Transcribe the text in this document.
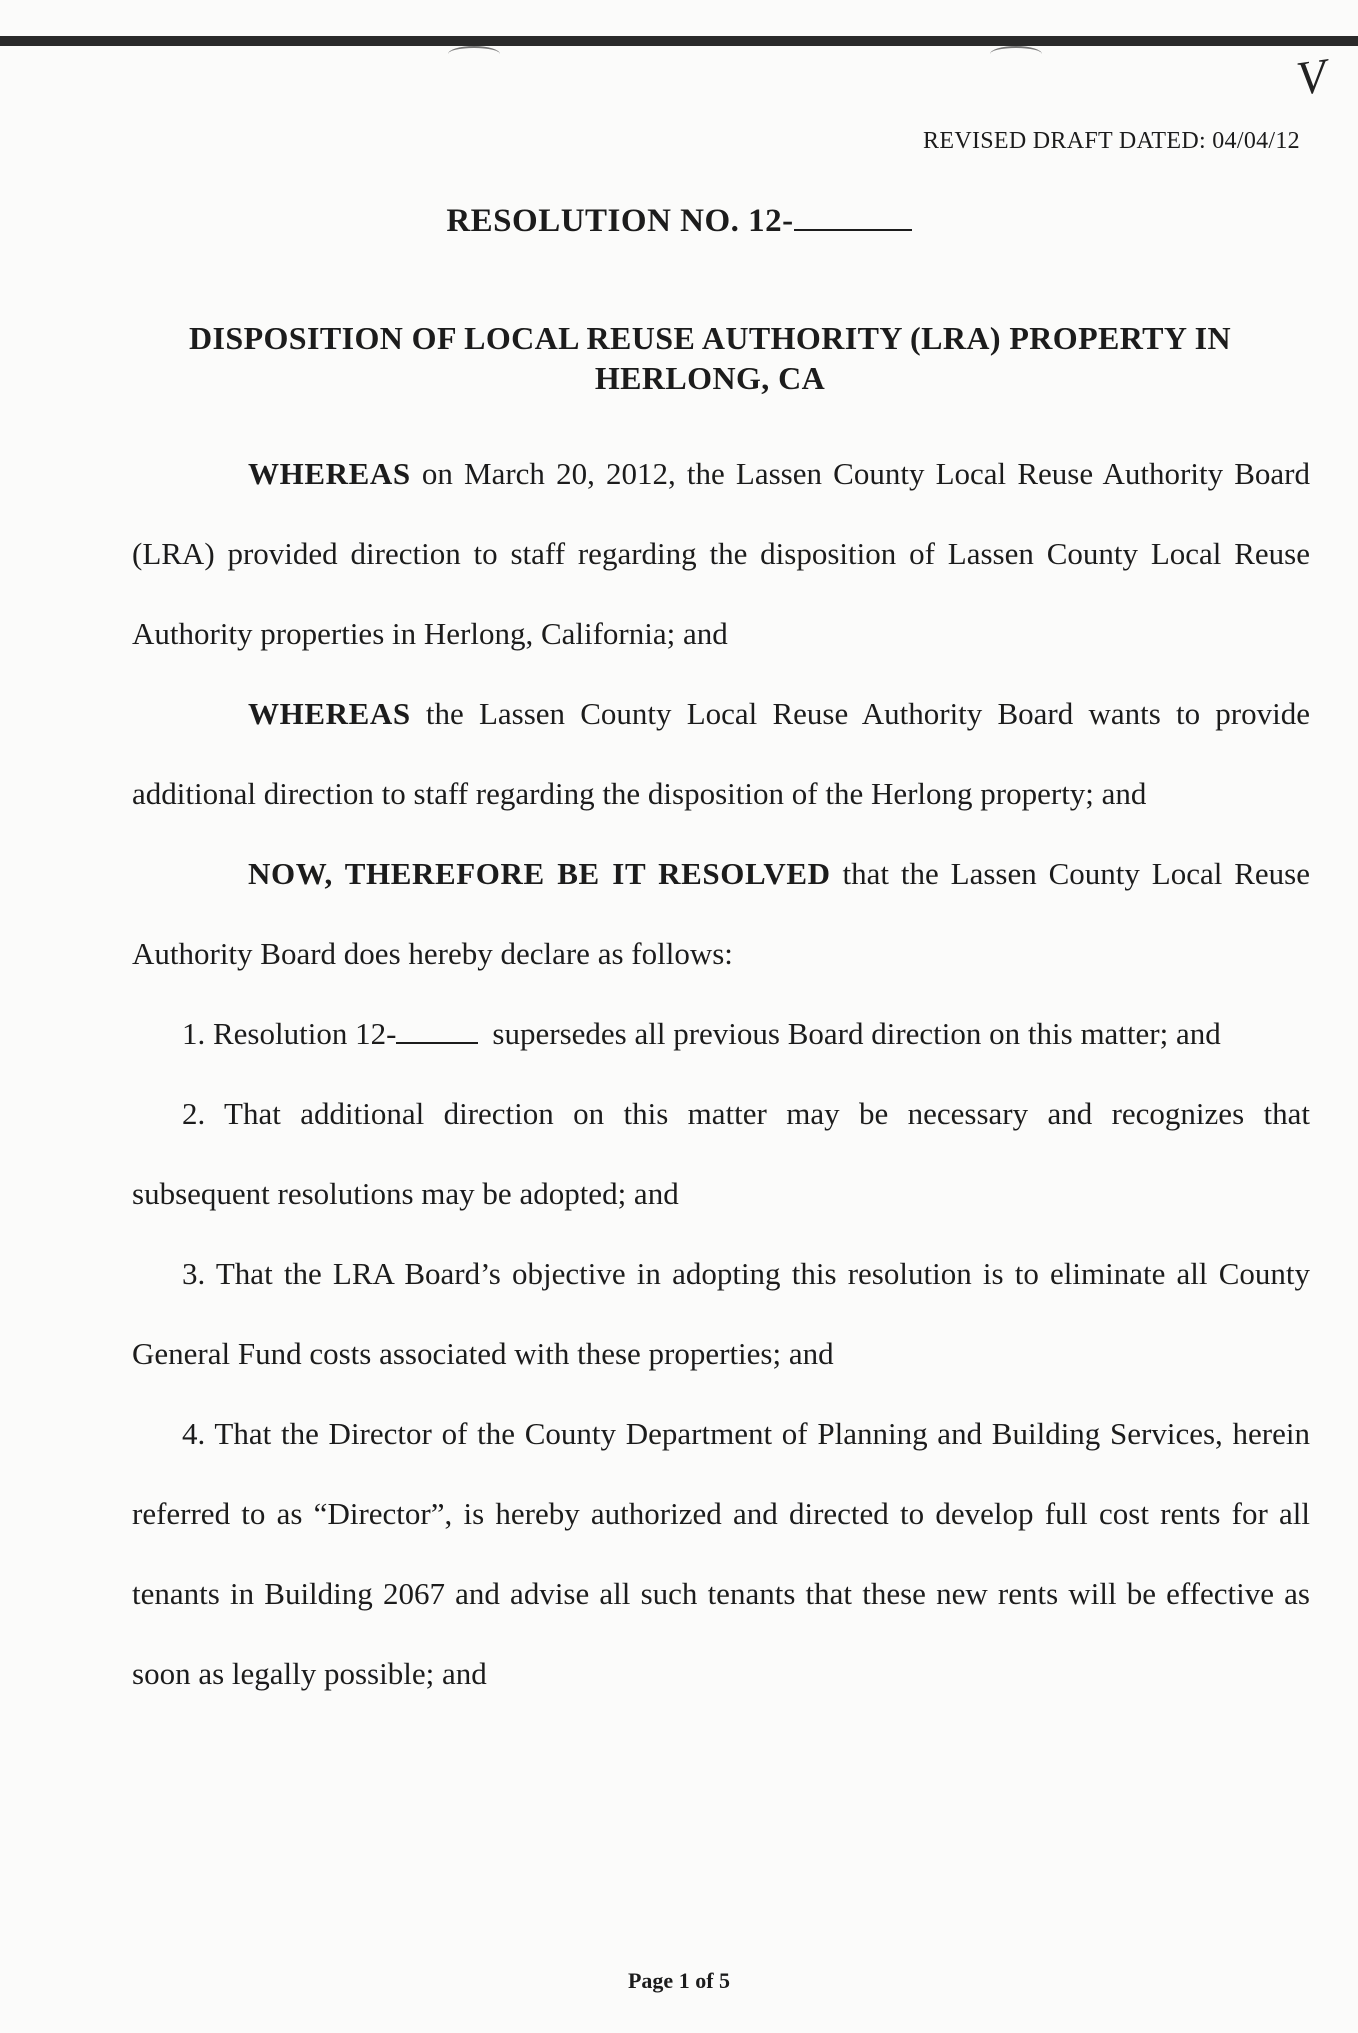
V
REVISED DRAFT DATED: 04/04/12
RESOLUTION NO. 12-
DISPOSITION OF LOCAL REUSE AUTHORITY (LRA) PROPERTY IN
HERLONG, CA

WHEREAS on March 20, 2012, the Lassen County Local Reuse Authority Board (LRA) provided direction to staff regarding the disposition of Lassen County Local Reuse Authority properties in Herlong, California; and

WHEREAS the Lassen County Local Reuse Authority Board wants to provide additional direction to staff regarding the disposition of the Herlong property; and

NOW, THEREFORE BE IT RESOLVED that the Lassen County Local Reuse Authority Board does hereby declare as follows:

1. Resolution 12-	supersedes all previous Board direction on this matter; and

2. That additional direction on this matter may be necessary and recognizes that subsequent resolutions may be adopted; and

3. That the LRA Board’s objective in adopting this resolution is to eliminate all County General Fund costs associated with these properties; and

4. That the Director of the County Department of Planning and Building Services, herein referred to as “Director”, is hereby authorized and directed to develop full cost rents for all tenants in Building 2067 and advise all such tenants that these new rents will be effective as soon as legally possible; and

Page 1 of 5
